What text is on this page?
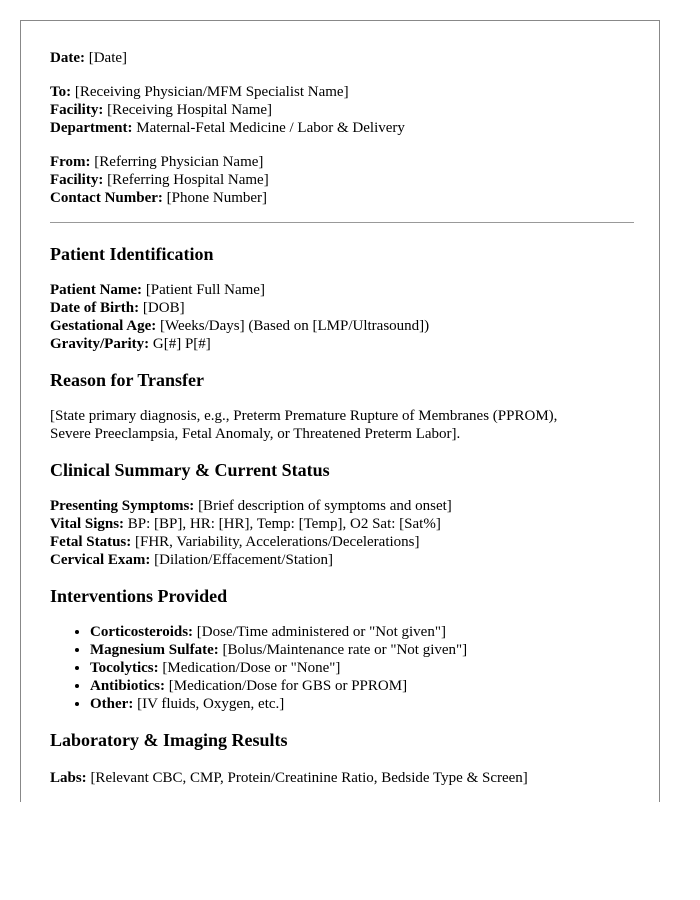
Date: [Date]
To: [Receiving Physician/MFM Specialist Name]
Facility: [Receiving Hospital Name]
Department: Maternal-Fetal Medicine / Labor & Delivery
From: [Referring Physician Name]
Facility: [Referring Hospital Name]
Contact Number: [Phone Number]
Patient Identification
Patient Name: [Patient Full Name]
Date of Birth: [DOB]
Gestational Age: [Weeks/Days] (Based on [LMP/Ultrasound])
Gravity/Parity: G[#] P[#]
Reason for Transfer
[State primary diagnosis, e.g., Preterm Premature Rupture of Membranes (PPROM),
Severe Preeclampsia, Fetal Anomaly, or Threatened Preterm Labor].
Clinical Summary & Current Status
Presenting Symptoms: [Brief description of symptoms and onset]
Vital Signs: BP: [BP], HR: [HR], Temp: [Temp], O2 Sat: [Sat%]
Fetal Status: [FHR, Variability, Accelerations/Decelerations]
Cervical Exam: [Dilation/Effacement/Station]
Interventions Provided
• Corticosteroids: [Dose/Time administered or "Not given"]
• Magnesium Sulfate: [Bolus/Maintenance rate or "Not given"]
• Tocolytics: [Medication/Dose or "None"]
• Antibiotics: [Medication/Dose for GBS or PPROM]
• Other: [IV fluids, Oxygen, etc.]
Laboratory & Imaging Results
Labs: [Relevant CBC, CMP, Protein/Creatinine Ratio, Bedside Type & Screen]
